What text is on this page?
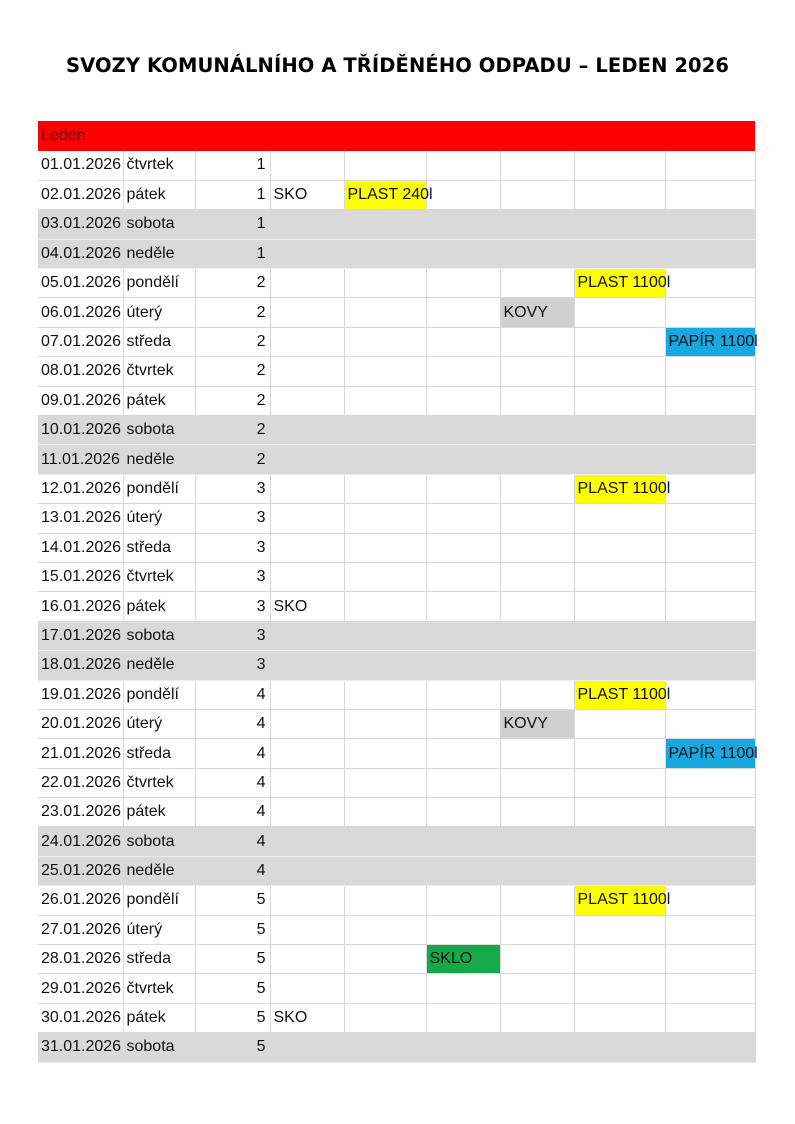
SVOZY KOMUNÁLNÍHO A TŘÍDĚNÉHO ODPADU – LEDEN 2026
Leden
01.01.2026	čtvrtek	1						
02.01.2026	pátek	1	SKO	PLAST 240l				
03.01.2026	sobota	1						
04.01.2026	neděle	1						
05.01.2026	pondělí	2					PLAST 1100l	
06.01.2026	úterý	2				KOVY		
07.01.2026	středa	2						PAPÍR 1100l
08.01.2026	čtvrtek	2						
09.01.2026	pátek	2						
10.01.2026	sobota	2						
11.01.2026	neděle	2						
12.01.2026	pondělí	3					PLAST 1100l	
13.01.2026	úterý	3						
14.01.2026	středa	3						
15.01.2026	čtvrtek	3						
16.01.2026	pátek	3	SKO					
17.01.2026	sobota	3						
18.01.2026	neděle	3						
19.01.2026	pondělí	4					PLAST 1100l	
20.01.2026	úterý	4				KOVY		
21.01.2026	středa	4						PAPÍR 1100l
22.01.2026	čtvrtek	4						
23.01.2026	pátek	4						
24.01.2026	sobota	4						
25.01.2026	neděle	4						
26.01.2026	pondělí	5					PLAST 1100l	
27.01.2026	úterý	5						
28.01.2026	středa	5			SKLO			
29.01.2026	čtvrtek	5						
30.01.2026	pátek	5	SKO					
31.01.2026	sobota	5						
